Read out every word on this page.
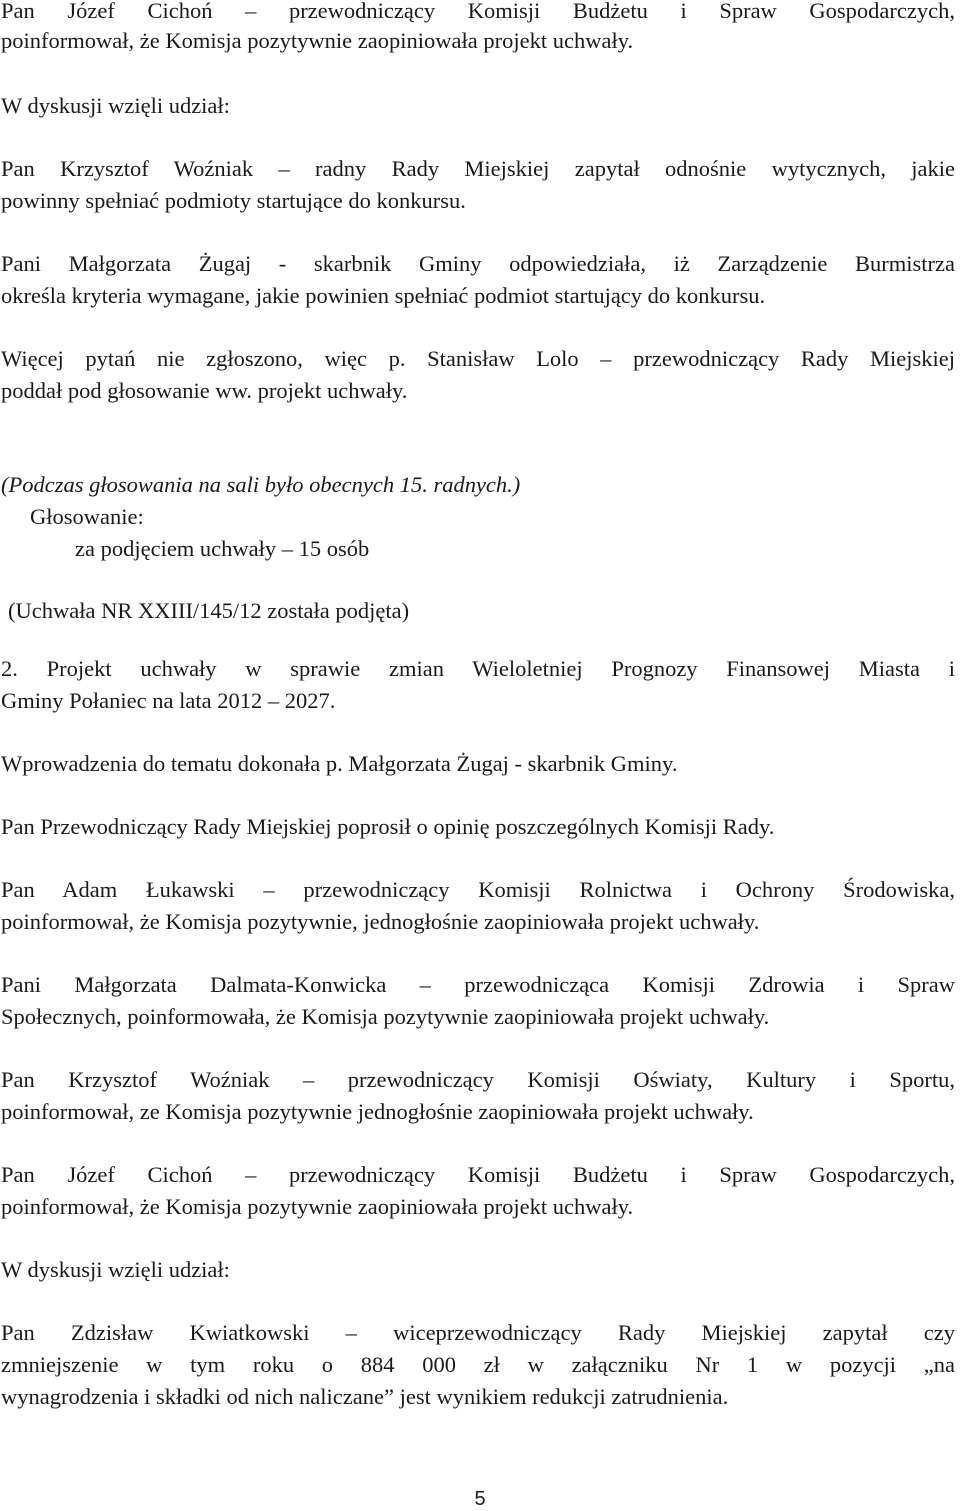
Pan Józef Cichoń – przewodniczący Komisji Budżetu i Spraw Gospodarczych,
poinformował, że Komisja pozytywnie zaopiniowała projekt uchwały.
W dyskusji wzięli udział:
Pan Krzysztof Woźniak – radny Rady Miejskiej zapytał odnośnie wytycznych, jakie
powinny spełniać podmioty startujące do konkursu.
Pani Małgorzata Żugaj - skarbnik Gminy odpowiedziała, iż Zarządzenie Burmistrza
określa kryteria wymagane, jakie powinien spełniać podmiot startujący do konkursu.
Więcej pytań nie zgłoszono, więc p. Stanisław Lolo – przewodniczący Rady Miejskiej
poddał pod głosowanie ww. projekt uchwały.
(Podczas głosowania na sali było obecnych 15. radnych.)
Głosowanie:
za podjęciem uchwały – 15 osób
(Uchwała NR XXIII/145/12 została podjęta)
2. Projekt uchwały w sprawie zmian Wieloletniej Prognozy Finansowej Miasta i
Gminy Połaniec na lata 2012 – 2027.
Wprowadzenia do tematu dokonała p. Małgorzata Żugaj - skarbnik Gminy.
Pan Przewodniczący Rady Miejskiej poprosił o opinię poszczególnych Komisji Rady.
Pan Adam Łukawski – przewodniczący Komisji Rolnictwa i Ochrony Środowiska,
poinformował, że Komisja pozytywnie, jednogłośnie zaopiniowała projekt uchwały.
Pani Małgorzata Dalmata-Konwicka – przewodnicząca Komisji Zdrowia i Spraw
Społecznych, poinformowała, że Komisja pozytywnie zaopiniowała projekt uchwały.
Pan Krzysztof Woźniak – przewodniczący Komisji Oświaty, Kultury i Sportu,
poinformował, ze Komisja pozytywnie jednogłośnie zaopiniowała projekt uchwały.
Pan Józef Cichoń – przewodniczący Komisji Budżetu i Spraw Gospodarczych,
poinformował, że Komisja pozytywnie zaopiniowała projekt uchwały.
W dyskusji wzięli udział:
Pan Zdzisław Kwiatkowski – wiceprzewodniczący Rady Miejskiej zapytał czy
zmniejszenie w tym roku o 884 000 zł w załączniku Nr 1 w pozycji „na
wynagrodzenia i składki od nich naliczane” jest wynikiem redukcji zatrudnienia.
5
